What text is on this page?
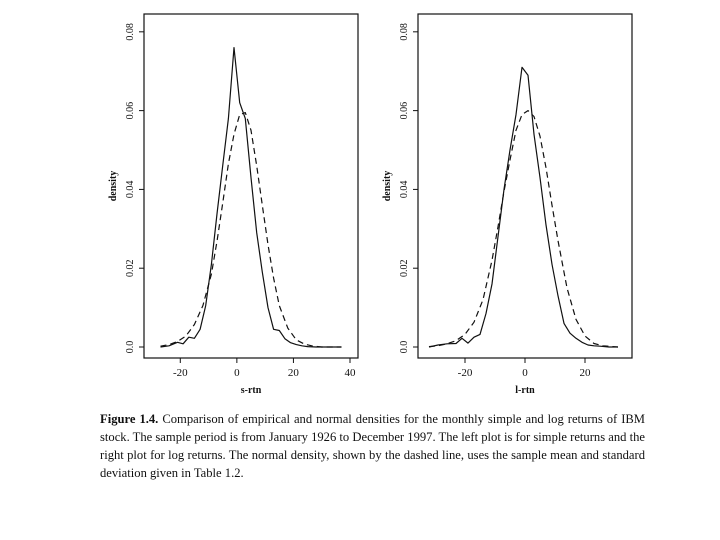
-20	0	20	40
0.0
0.02
0.04
0.06
0.08
s-rtn
density
-20	0	20
0.0
0.02
0.04
0.06
0.08
l-rtn
density
Figure 1.4. Comparison of empirical and normal densities for the monthly simple and log returns of IBM stock. The sample period is from January 1926 to December 1997. The left plot is for simple returns and the right plot for log returns. The normal density, shown by the dashed line, uses the sample mean and standard deviation given in Table 1.2.
